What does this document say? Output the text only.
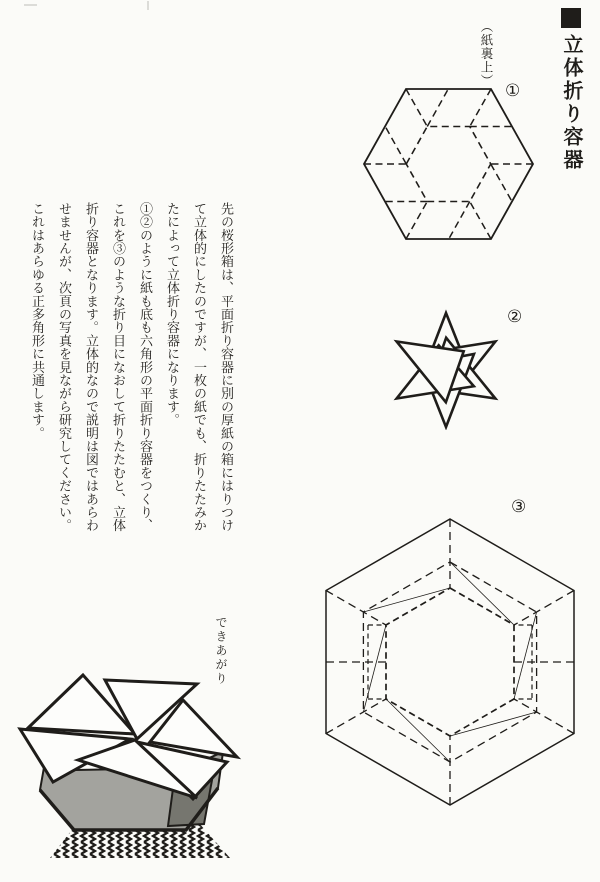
立体折り容器
（紙裏上）
①
②

先の桜形箱は、平面折り容器に別の厚紙の箱にはりつけて立体的にしたのですが、一枚の紙でも、折りたたみかたによって立体折り容器になります。

①②のように紙も底も六角形の平面折り容器をつくり、これを③のような折り目になおして折りたたむと、立体折り容器となります。立体的なので説明は図ではあらわせませんが、次頁の写真を見ながら研究してください。これはあらゆる正多角形に共通します。

③
できあがり
